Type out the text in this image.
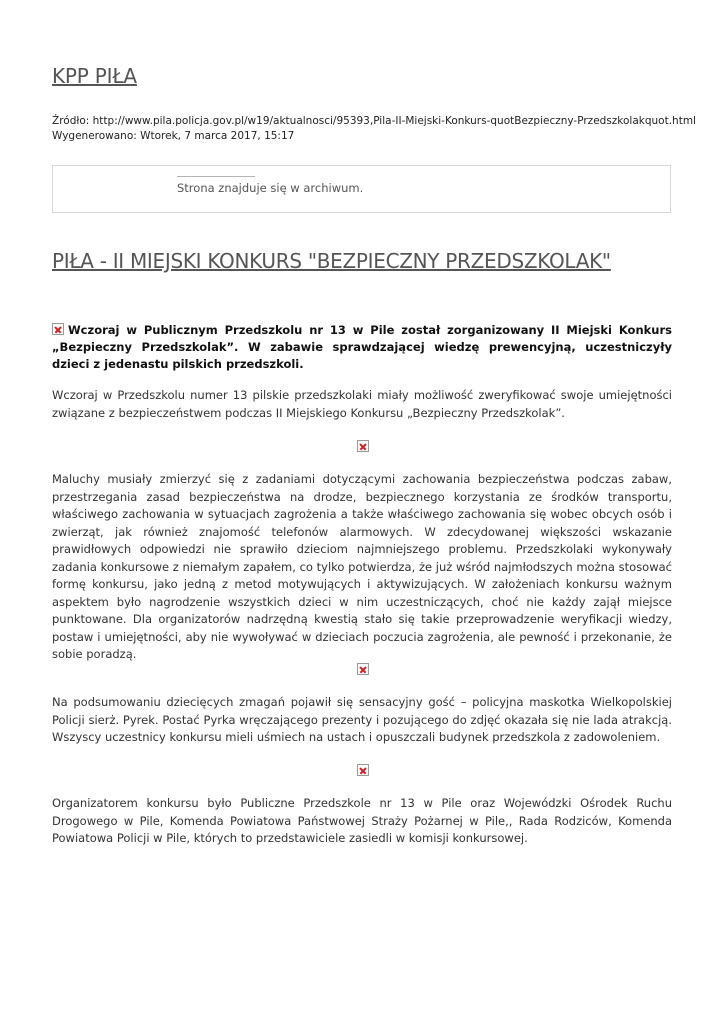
KPP PIŁA
Źródło: http://www.pila.policja.gov.pl/w19/aktualnosci/95393,Pila-II-Miejski-Konkurs-quotBezpieczny-Przedszkolakquot.html
Wygenerowano: Wtorek, 7 marca 2017, 15:17
Strona znajduje się w archiwum.
PIŁA - II MIEJSKI KONKURS "BEZPIECZNY PRZEDSZKOLAK"
Wczoraj w Publicznym Przedszkolu nr 13 w Pile został zorganizowany II Miejski Konkurs „Bezpieczny Przedszkolak”. W zabawie sprawdzającej wiedzę prewencyjną, uczestniczyły dzieci z jedenastu pilskich przedszkoli.
Wczoraj w Przedszkolu numer 13 pilskie przedszkolaki miały możliwość zweryfikować swoje umiejętności związane z bezpieczeństwem podczas II Miejskiego Konkursu „Bezpieczny Przedszkolak”.
Maluchy musiały zmierzyć się z zadaniami dotyczącymi zachowania bezpieczeństwa podczas zabaw, przestrzegania zasad bezpieczeństwa na drodze, bezpiecznego korzystania ze środków transportu, właściwego zachowania w sytuacjach zagrożenia a także właściwego zachowania się wobec obcych osób i zwierząt, jak również znajomość telefonów alarmowych. W zdecydowanej większości wskazanie prawidłowych odpowiedzi nie sprawiło dzieciom najmniejszego problemu. Przedszkolaki wykonywały zadania konkursowe z niemałym zapałem, co tylko potwierdza, że już wśród najmłodszych można stosować formę konkursu, jako jedną z metod motywujących i aktywizujących. W założeniach konkursu ważnym aspektem było nagrodzenie wszystkich dzieci w nim uczestniczących, choć nie każdy zajął miejsce punktowane. Dla organizatorów nadrzędną kwestią stało się takie przeprowadzenie weryfikacji wiedzy, postaw i umiejętności, aby nie wywoływać w dzieciach poczucia zagrożenia, ale pewność i przekonanie, że sobie poradzą.
Na podsumowaniu dziecięcych zmagań pojawił się sensacyjny gość – policyjna maskotka Wielkopolskiej Policji sierż. Pyrek. Postać Pyrka wręczającego prezenty i pozującego do zdjęć okazała się nie lada atrakcją. Wszyscy uczestnicy konkursu mieli uśmiech na ustach i opuszczali budynek przedszkola z zadowoleniem.
Organizatorem konkursu było Publiczne Przedszkole nr 13 w Pile oraz Wojewódzki Ośrodek Ruchu Drogowego w Pile, Komenda Powiatowa Państwowej Straży Pożarnej w Pile,, Rada Rodziców, Komenda Powiatowa Policji w Pile, których to przedstawiciele zasiedli w komisji konkursowej.
